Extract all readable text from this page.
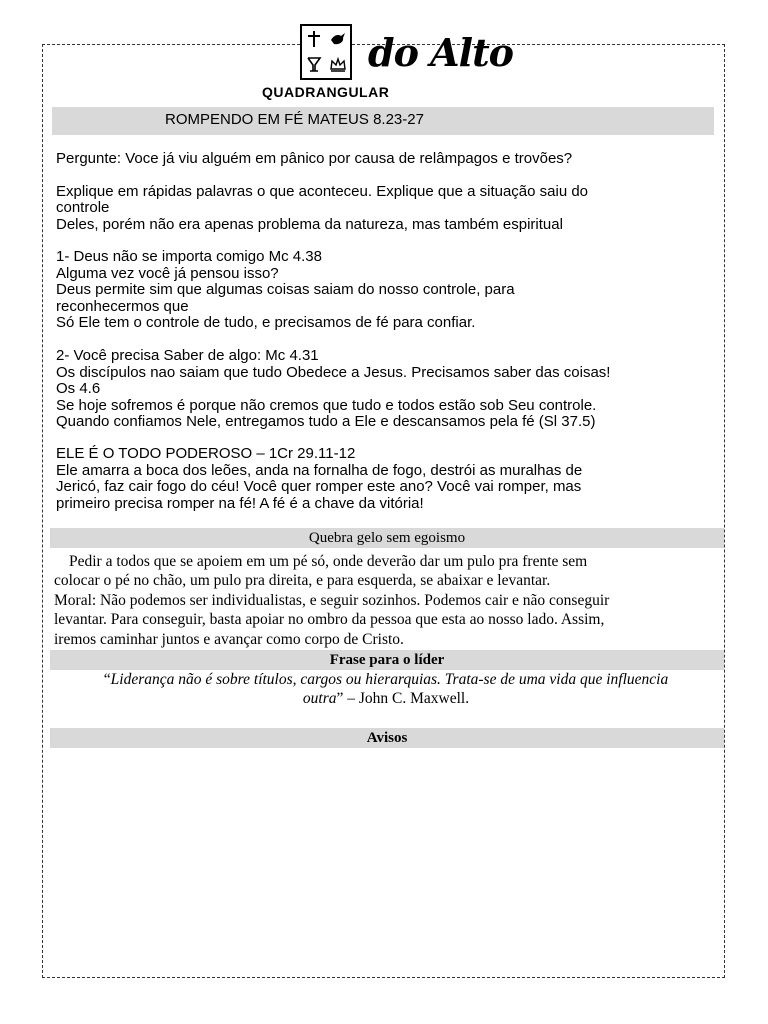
QUADRANGULAR
do Alto
ROMPENDO EM FÉ MATEUS 8.23-27

Pergunte: Voce já viu alguém em pânico por causa de relâmpagos e trovões?

Explique em rápidas palavras o que aconteceu. Explique que a situação saiu do

controle

Deles, porém não era apenas problema da natureza, mas também espiritual

1- Deus não se importa comigo Mc 4.38

Alguma vez você já pensou isso?

Deus permite sim que algumas coisas saiam do nosso controle, para

reconhecermos que

Só Ele tem o controle de tudo, e precisamos de fé para confiar.

2- Você precisa Saber de algo: Mc 4.31

Os discípulos nao saiam que tudo Obedece a Jesus. Precisamos saber das coisas!

Os 4.6

Se hoje sofremos é porque não cremos que tudo e todos estão sob Seu controle.

Quando confiamos Nele, entregamos tudo a Ele e descansamos pela fé (Sl 37.5)

ELE É O TODO PODEROSO – 1Cr 29.11-12

Ele amarra a boca dos leões, anda na fornalha de fogo, destrói as muralhas de

Jericó, faz cair fogo do céu! Você quer romper este ano? Você vai romper, mas

primeiro precisa romper na fé! A fé é a chave da vitória!

Quebra gelo sem egoismo

Pedir a todos que se apoiem em um pé só, onde deverão dar um pulo pra frente sem

colocar o pé no chão, um pulo pra direita, e para esquerda, se abaixar e levantar.

Moral: Não podemos ser individualistas, e seguir sozinhos. Podemos cair e não conseguir

levantar. Para conseguir, basta apoiar no ombro da pessoa que esta ao nosso lado. Assim,

iremos caminhar juntos e avançar como corpo de Cristo.

Frase para o líder

“Liderança não é sobre títulos, cargos ou hierarquias. Trata-se de uma vida que influencia

outra” – John C. Maxwell.

Avisos
